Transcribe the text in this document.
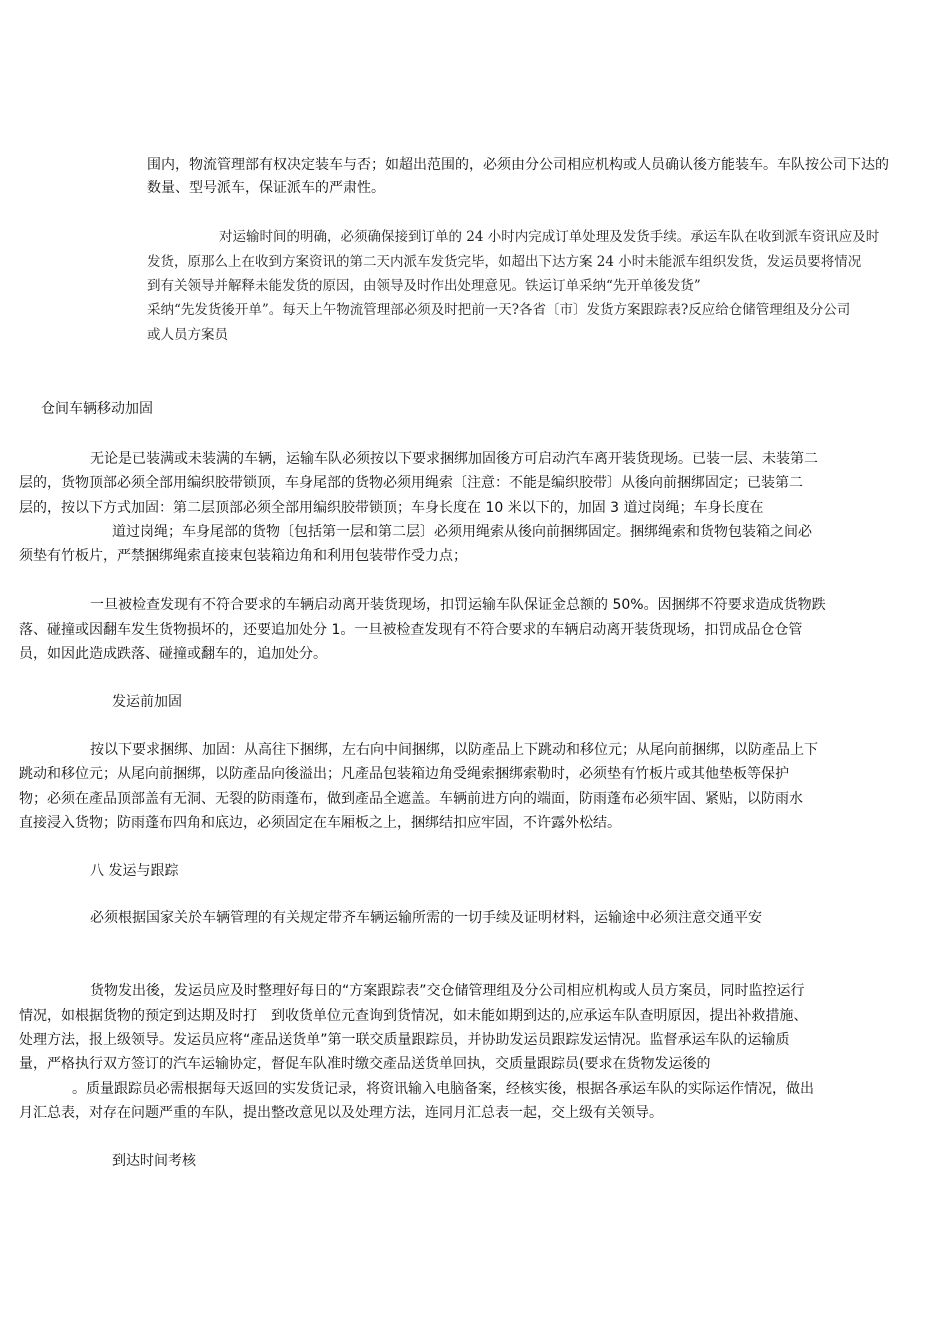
围内，物流管理部有权决定装车与否；如超出范围的，必须由分公司相应机构或人员确认後方能装车。车队按公司下达的
数量、型号派车，保证派车的严肃性。
对运输时间的明确，必须确保接到订单的 24 小时内完成订单处理及发货手续。承运车队在收到派车资讯应及时
发货，原那么上在收到方案资讯的第二天内派车发货完毕，如超出下达方案 24 小时未能派车组织发货，发运员要将情况
到有关领导并解释未能发货的原因，由领导及时作出处理意见。铁运订单采纳“先开单後发货”
采纳“先发货後开单”。每天上午物流管理部必须及时把前一天?各省〔市〕发货方案跟踪表?反应给仓储管理组及分公司
或人员方案员
仓间车辆移动加固
无论是已装满或未装满的车辆，运输车队必须按以下要求捆绑加固後方可启动汽车离开装货现场。已装一层、未装第二
层的，货物顶部必须全部用编织胶带锁顶，车身尾部的货物必须用绳索〔注意：不能是编织胶带〕从後向前捆绑固定；已装第二
层的，按以下方式加固：第二层顶部必须全部用编织胶带锁顶；车身长度在 10 米以下的，加固 3 道过岗绳；车身长度在
道过岗绳；车身尾部的货物〔包括第一层和第二层〕必须用绳索从後向前捆绑固定。捆绑绳索和货物包装箱之间必
须垫有竹板片，严禁捆绑绳索直接束包装箱边角和利用包装带作受力点；
一旦被检查发现有不符合要求的车辆启动离开装货现场，扣罚运输车队保证金总额的 50%。因捆绑不符要求造成货物跌
落、碰撞或因翻车发生货物损坏的，还要追加处分 1。一旦被检查发现有不符合要求的车辆启动离开装货现场，扣罚成品仓仓管
员，如因此造成跌落、碰撞或翻车的，追加处分。
发运前加固
按以下要求捆绑、加固：从高往下捆绑，左右向中间捆绑，以防產品上下跳动和移位元；从尾向前捆绑，以防產品上下
跳动和移位元；从尾向前捆绑，以防產品向後溢出；凡產品包装箱边角受绳索捆绑索勒时，必须垫有竹板片或其他垫板等保护
物；必须在產品顶部盖有无洞、无裂的防雨蓬布，做到產品全遮盖。车辆前进方向的端面，防雨蓬布必须牢固、紧贴，以防雨水
直接浸入货物；防雨蓬布四角和底边，必须固定在车厢板之上，捆绑结扣应牢固，不许露外松结。
八 发运与跟踪
必须根据国家关於车辆管理的有关规定带齐车辆运输所需的一切手续及证明材料，运输途中必须注意交通平安
货物发出後，发运员应及时整理好每日的“方案跟踪表”交仓储管理组及分公司相应机构或人员方案员，同时监控运行
情况，如根据货物的预定到达期及时打　到收货单位元查询到货情况，如未能如期到达的,应承运车队查明原因，提出补救措施、
处理方法，报上级领导。发运员应将“產品送货单”第一联交质量跟踪员，并协助发运员跟踪发运情况。监督承运车队的运输质
量，严格执行双方签订的汽车运输协定，督促车队准时缴交產品送货单回执，交质量跟踪员(要求在货物发运後的
。质量跟踪员必需根据每天返回的实发货记录，将资讯输入电脑备案，经核实後，根据各承运车队的实际运作情况，做出
月汇总表，对存在问题严重的车队，提出整改意见以及处理方法，连同月汇总表一起，交上级有关领导。
到达时间考核
